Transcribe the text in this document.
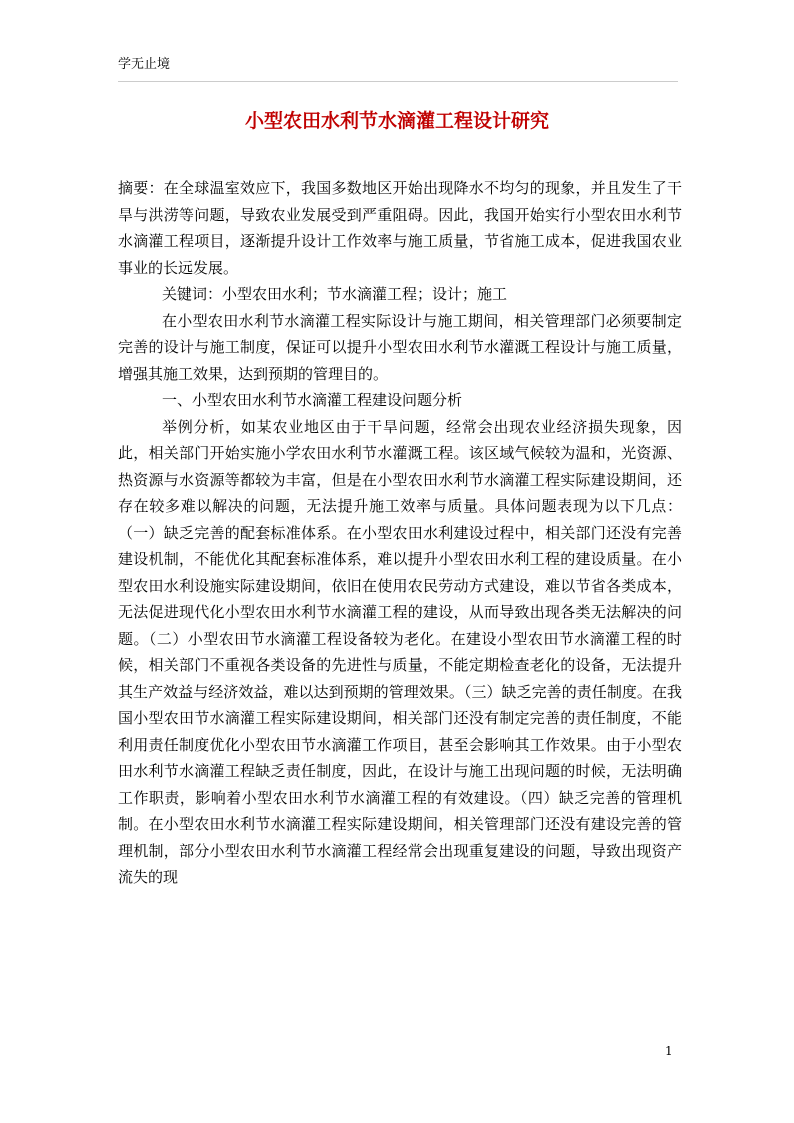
学无止境
小型农田水利节水滴灌工程设计研究

摘要：在全球温室效应下，我国多数地区开始出现降水不均匀的现象，并且发生了干旱与洪涝等问题，导致农业发展受到严重阻碍。因此，我国开始实行小型农田水利节水滴灌工程项目，逐渐提升设计工作效率与施工质量，节省施工成本，促进我国农业事业的长远发展。

关键词：小型农田水利；节水滴灌工程；设计；施工

在小型农田水利节水滴灌工程实际设计与施工期间，相关管理部门必须要制定完善的设计与施工制度，保证可以提升小型农田水利节水灌溉工程设计与施工质量，增强其施工效果，达到预期的管理目的。

一、小型农田水利节水滴灌工程建设问题分析

举例分析，如某农业地区由于干旱问题，经常会出现农业经济损失现象，因此，相关部门开始实施小学农田水利节水灌溉工程。该区域气候较为温和，光资源、热资源与水资源等都较为丰富，但是在小型农田水利节水滴灌工程实际建设期间，还存在较多难以解决的问题，无法提升施工效率与质量。具体问题表现为以下几点：（一）缺乏完善的配套标准体系。在小型农田水利建设过程中，相关部门还没有完善建设机制，不能优化其配套标准体系，难以提升小型农田水利工程的建设质量。在小型农田水利设施实际建设期间，依旧在使用农民劳动方式建设，难以节省各类成本，无法促进现代化小型农田水利节水滴灌工程的建设，从而导致出现各类无法解决的问题。（二）小型农田节水滴灌工程设备较为老化。在建设小型农田节水滴灌工程的时候，相关部门不重视各类设备的先进性与质量，不能定期检查老化的设备，无法提升其生产效益与经济效益，难以达到预期的管理效果。（三）缺乏完善的责任制度。在我国小型农田节水滴灌工程实际建设期间，相关部门还没有制定完善的责任制度，不能利用责任制度优化小型农田节水滴灌工作项目，甚至会影响其工作效果。由于小型农田水利节水滴灌工程缺乏责任制度，因此，在设计与施工出现问题的时候，无法明确工作职责，影响着小型农田水利节水滴灌工程的有效建设。（四）缺乏完善的管理机制。在小型农田水利节水滴灌工程实际建设期间，相关管理部门还没有建设完善的管理机制，部分小型农田水利节水滴灌工程经常会出现重复建设的问题，导致出现资产流失的现

1
